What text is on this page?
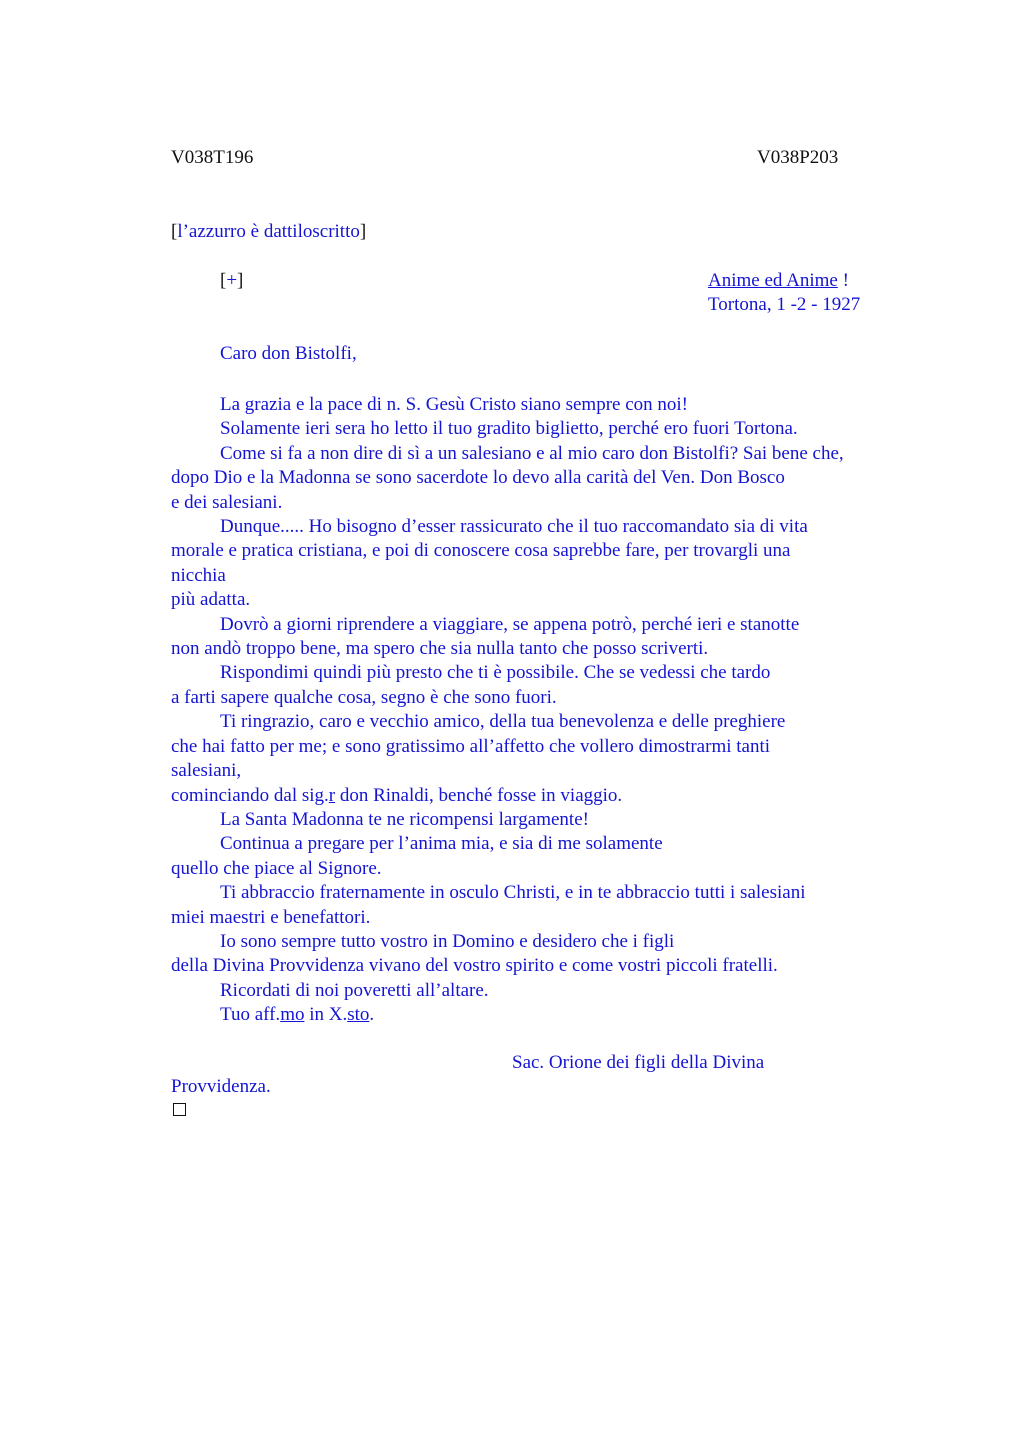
V038T196	V038P203
[l’azzurro è dattiloscritto]
[+]	Anime ed Anime !
Tortona, 1 -2 - 1927
Caro don Bistolfi,

La grazia e la pace di n. S. Gesù Cristo siano sempre con noi!

Solamente ieri sera ho letto il tuo gradito biglietto, perché ero fuori Tortona.

Come si fa a non dire di sì a un salesiano e al mio caro don Bistolfi? Sai bene che,

dopo Dio e la Madonna se sono sacerdote lo devo alla carità del Ven. Don Bosco

e dei salesiani.

Dunque..... Ho bisogno d’esser rassicurato che il tuo raccomandato sia di vita

morale e pratica cristiana, e poi di conoscere cosa saprebbe fare, per trovargli una

nicchia

più adatta.

Dovrò a giorni riprendere a viaggiare, se appena potrò, perché ieri e stanotte

non andò troppo bene, ma spero che sia nulla tanto che posso scriverti.

Rispondimi quindi più presto che ti è possibile. Che se vedessi che tardo

a farti sapere qualche cosa, segno è che sono fuori.

Ti ringrazio, caro e vecchio amico, della tua benevolenza e delle preghiere

che hai fatto per me; e sono gratissimo all’affetto che vollero dimostrarmi tanti

salesiani,

cominciando dal sig.r don Rinaldi, benché fosse in viaggio.

La Santa Madonna te ne ricompensi largamente!

Continua a pregare per l’anima mia, e sia di me solamente

quello che piace al Signore.

Ti abbraccio fraternamente in osculo Christi, e in te abbraccio tutti i salesiani

miei maestri e benefattori.

Io sono sempre tutto vostro in Domino e desidero che i figli

della Divina Provvidenza vivano del vostro spirito e come vostri piccoli fratelli.

Ricordati di noi poveretti all’altare.

Tuo aff.mo in X.sto.

Sac. Orione dei figli della Divina
Provvidenza.
